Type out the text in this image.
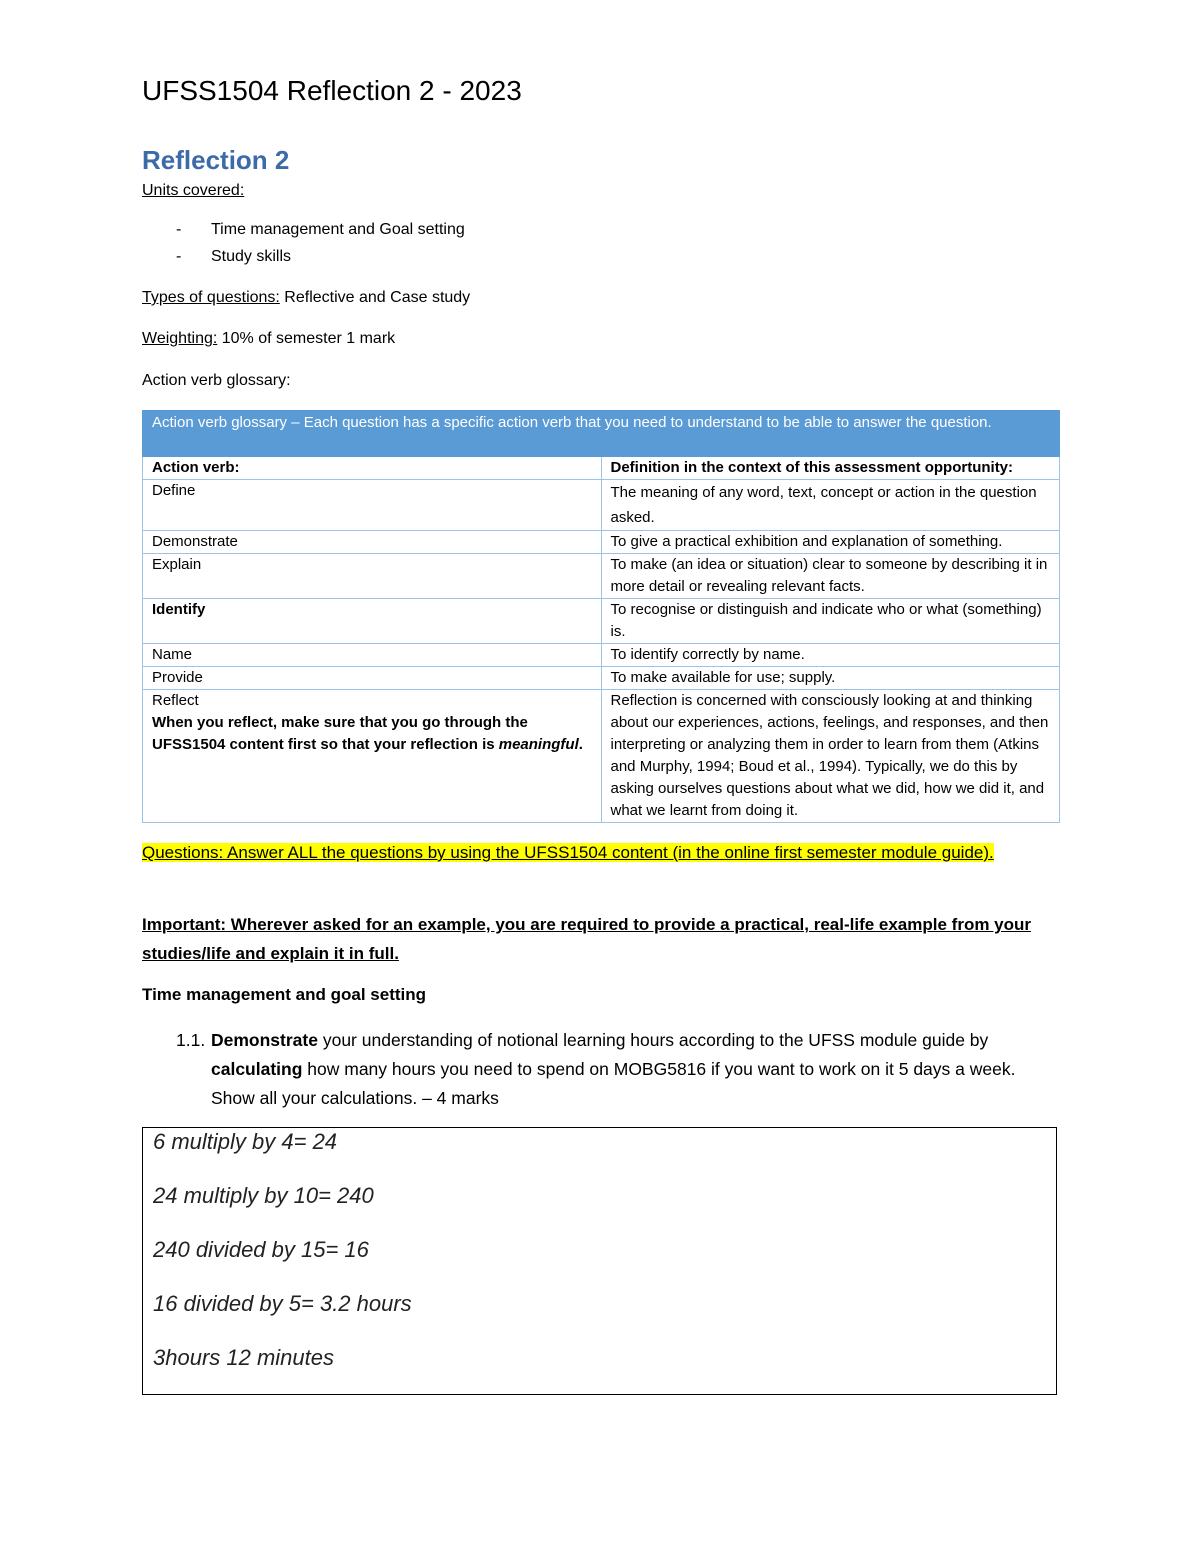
UFSS1504 Reflection 2 - 2023
Reflection 2
Units covered:
- Time management and Goal setting
- Study skills
Types of questions: Reflective and Case study
Weighting: 10% of semester 1 mark
Action verb glossary:
Action verb glossary – Each question has a specific action verb that you need to understand to be able to answer the question.	
Action verb:	Definition in the context of this assessment opportunity:
Define	The meaning of any word, text, concept or action in the question asked.
Demonstrate	To give a practical exhibition and explanation of something.
Explain	To make (an idea or situation) clear to someone by describing it in more detail or revealing relevant facts.
Identify	To recognise or distinguish and indicate who or what (something) is.
Name	To identify correctly by name.
Provide	To make available for use; supply.

Reflect
When you reflect, make sure that you go through the UFSS1504 content first so that your reflection is meaningful.	Reflection is concerned with consciously looking at and thinking about our experiences, actions, feelings, and responses, and then interpreting or analyzing them in order to learn from them (Atkins and Murphy, 1994; Boud et al., 1994). Typically, we do this by asking ourselves questions about what we did, how we did it, and what we learnt from doing it.
Questions: Answer ALL the questions by using the UFSS1504 content (in the online first semester module guide).
Important: Wherever asked for an example, you are required to provide a practical, real-life example from your studies/life and explain it in full.
Time management and goal setting
1.1. Demonstrate your understanding of notional learning hours according to the UFSS module guide by calculating how many hours you need to spend on MOBG5816 if you want to work on it 5 days a week. Show all your calculations. – 4 marks
6 multiply by 4= 24
24 multiply by 10= 240
240 divided by 15= 16
16 divided by 5= 3.2 hours
3hours 12 minutes
